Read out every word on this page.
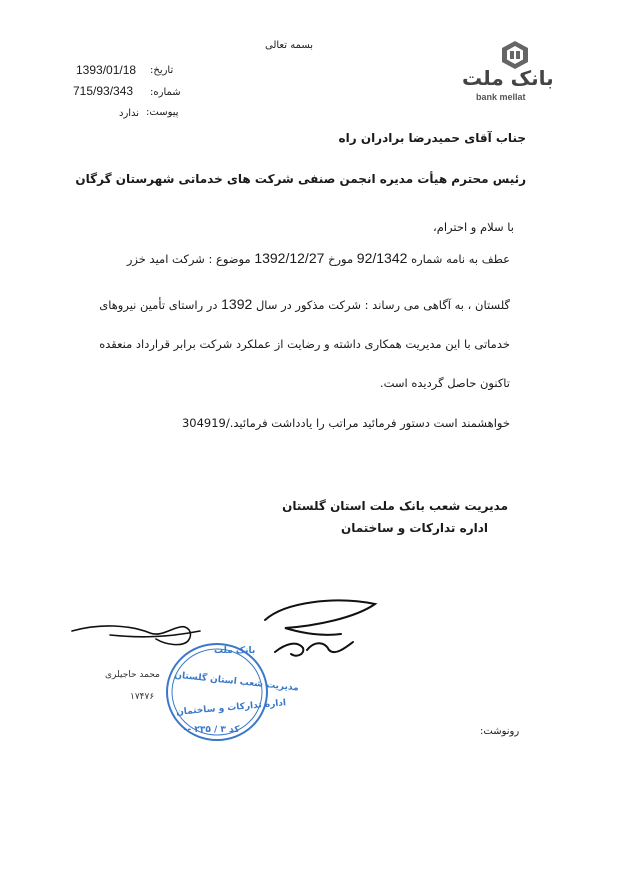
بسمه تعالی
تاریخ:
1393/01/18
شماره:
715/93/343
پیوست:
ندارد
بانک ملت
bank mellat
جناب آقای حمیدرضا برادران راه
رئیس محترم هیأت مدیره انجمن صنفی شرکت های خدماتی شهرستان گرگان
با سلام و احترام،
عطف به نامه شماره 92/1342 مورخ 1392/12/27 موضوع : شرکت امید خزر
گلستان ، به آگاهی می رساند : شرکت مذکور در سال 1392 در راستای تأمین نیروهای
خدماتی با این مدیریت همکاری داشته و رضایت از عملکرد شرکت برابر قرارداد منعقده
تاکنون حاصل گردیده است.
خواهشمند است دستور فرمائید مراتب را یادداشت فرمائید./304919
مدیریت شعب بانک ملت استان گلستان
اداره تدارکات و ساختمان
محمد حاجیلری
۱۷۴۷۶
بانک ملت
مدیریت شعب استان گلستان
اداره تدارکات و ساختمان
کد ۳ / ۲۳۵ -۰	رونوشت:
